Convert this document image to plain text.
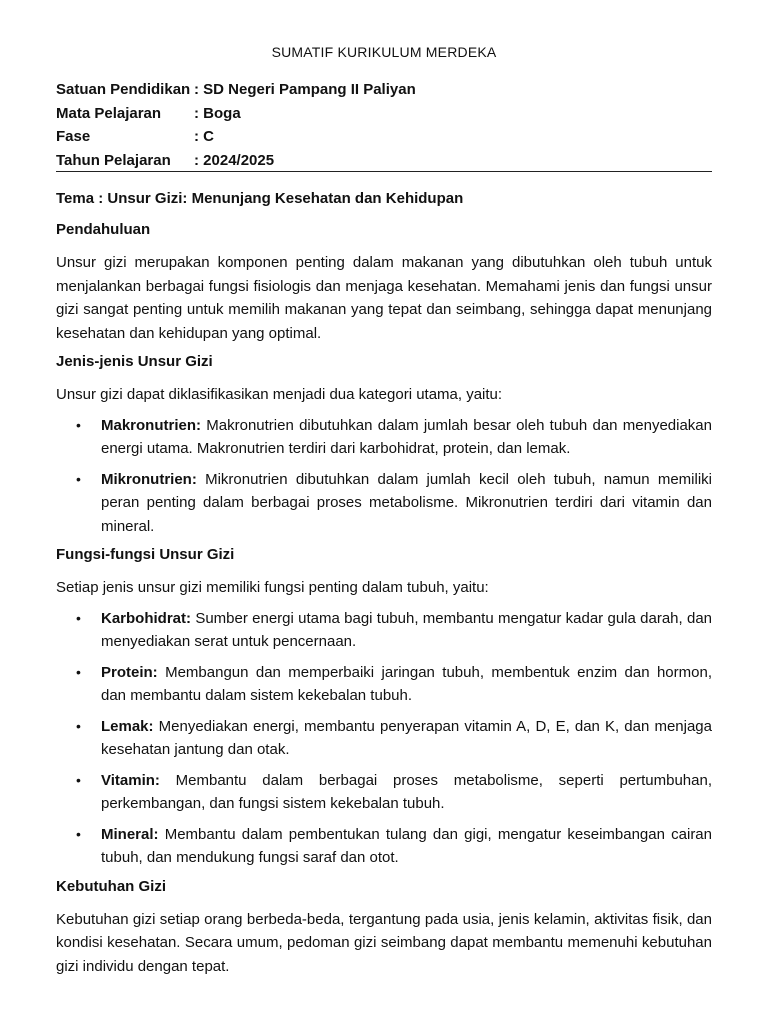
SUMATIF KURIKULUM MERDEKA
Satuan Pendidikan : SD Negeri Pampang II Paliyan
Mata Pelajaran	: Boga
Fase	: C
Tahun Pelajaran	: 2024/2025
Tema : Unsur Gizi: Menunjang Kesehatan dan Kehidupan
Pendahuluan

Unsur gizi merupakan komponen penting dalam makanan yang dibutuhkan oleh tubuh untuk menjalankan berbagai fungsi fisiologis dan menjaga kesehatan. Memahami jenis dan fungsi unsur gizi sangat penting untuk memilih makanan yang tepat dan seimbang, sehingga dapat menunjang kesehatan dan kehidupan yang optimal.

Jenis-jenis Unsur Gizi

Unsur gizi dapat diklasifikasikan menjadi dua kategori utama, yaitu:

• Makronutrien: Makronutrien dibutuhkan dalam jumlah besar oleh tubuh dan menyediakan energi utama. Makronutrien terdiri dari karbohidrat, protein, dan lemak.
• Mikronutrien: Mikronutrien dibutuhkan dalam jumlah kecil oleh tubuh, namun memiliki peran penting dalam berbagai proses metabolisme. Mikronutrien terdiri dari vitamin dan mineral.
Fungsi-fungsi Unsur Gizi

Setiap jenis unsur gizi memiliki fungsi penting dalam tubuh, yaitu:

• Karbohidrat: Sumber energi utama bagi tubuh, membantu mengatur kadar gula darah, dan menyediakan serat untuk pencernaan.
• Protein: Membangun dan memperbaiki jaringan tubuh, membentuk enzim dan hormon, dan membantu dalam sistem kekebalan tubuh.
• Lemak: Menyediakan energi, membantu penyerapan vitamin A, D, E, dan K, dan menjaga kesehatan jantung dan otak.
• Vitamin: Membantu dalam berbagai proses metabolisme, seperti pertumbuhan, perkembangan, dan fungsi sistem kekebalan tubuh.
• Mineral: Membantu dalam pembentukan tulang dan gigi, mengatur keseimbangan cairan tubuh, dan mendukung fungsi saraf dan otot.
Kebutuhan Gizi

Kebutuhan gizi setiap orang berbeda-beda, tergantung pada usia, jenis kelamin, aktivitas fisik, dan kondisi kesehatan. Secara umum, pedoman gizi seimbang dapat membantu memenuhi kebutuhan gizi individu dengan tepat.
